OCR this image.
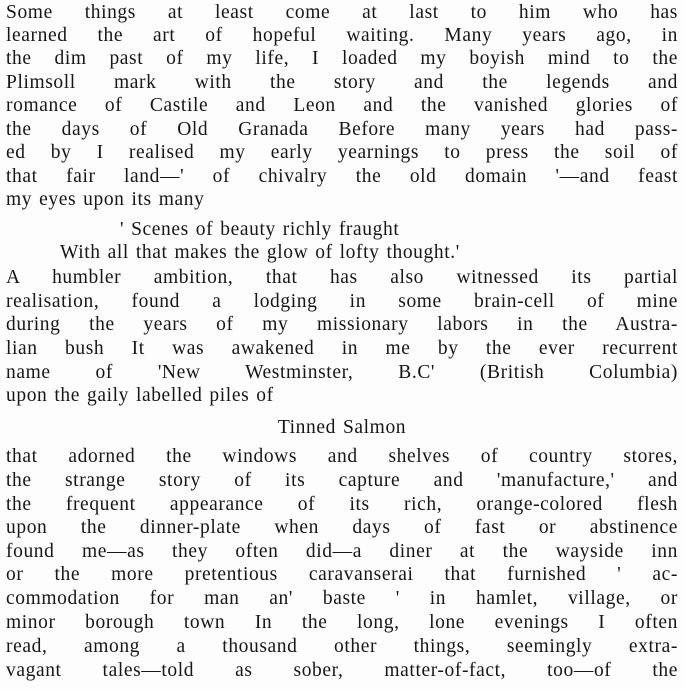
Some things at least come at last to him who has
learned the art of hopeful waiting. Many years ago, in
the dim past of my life, I loaded my boyish mind to the
Plimsoll mark with the story and the legends and
romance of Castile and Leon and the vanished glories of
the days of Old Granada Before many years had pass-
ed by I realised my early yearnings to press the soil of
that fair land—' of chivalry the old domain '—and feast
my eyes upon its many
' Scenes of beauty richly fraught
With all that makes the glow of lofty thought.'
A humbler ambition, that has also witnessed its partial
realisation, found a lodging in some brain-cell of mine
during the years of my missionary labors in the Austra-
lian bush It was awakened in me by the ever recurrent
name of 'New Westminster, B.C' (British Columbia)
upon the gaily labelled piles of
Tinned Salmon
that adorned the windows and shelves of country stores,
the strange story of its capture and 'manufacture,' and
the frequent appearance of its rich, orange-colored flesh
upon the dinner-plate when days of fast or abstinence
found me—as they often did—a diner at the wayside inn
or the more pretentious caravanserai that furnished ' ac-
commodation for man an' baste ' in hamlet, village, or
minor borough town In the long, lone evenings I often
read, among a thousand other things, seemingly extra-
vagant tales—told as sober, matter-of-fact, too—of the
